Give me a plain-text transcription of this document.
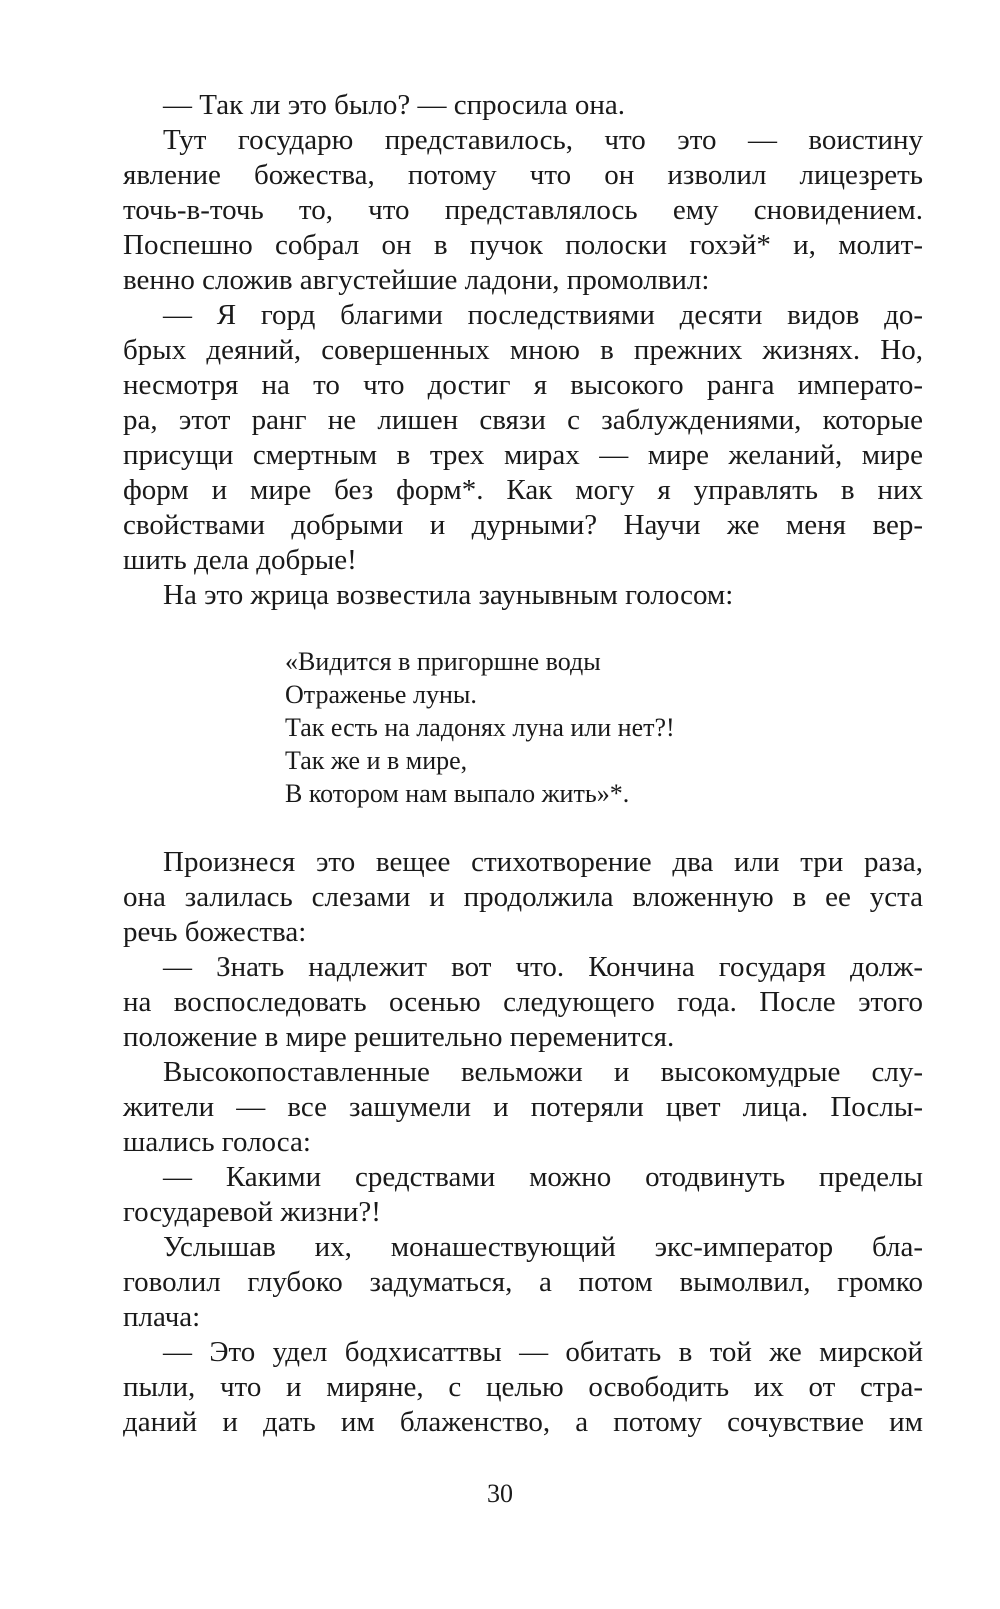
— Так ли это было? — спросила она.
Тут государю представилось, что это — воистину
явление божества, потому что он изволил лицезреть
точь-в-точь то, что представлялось ему сновидением.
Поспешно собрал он в пучок полоски гохэй* и, молит-
венно сложив августейшие ладони, промолвил:
— Я горд благими последствиями десяти видов до-
брых деяний, совершенных мною в прежних жизнях. Но,
несмотря на то что достиг я высокого ранга императо-
ра, этот ранг не лишен связи с заблуждениями, которые
присущи смертным в трех мирах — мире желаний, мире
форм и мире без форм*. Как могу я управлять в них
свойствами добрыми и дурными? Научи же меня вер-
шить дела добрые!
На это жрица возвестила заунывным голосом:
«Видится в пригоршне воды
Отраженье луны.
Так есть на ладонях луна или нет?!
Так же и в мире,
В котором нам выпало жить»*.
Произнеся это вещее стихотворение два или три раза,
она залилась слезами и продолжила вложенную в ее уста
речь божества:
— Знать надлежит вот что. Кончина государя долж-
на воспоследовать осенью следующего года. После этого
положение в мире решительно переменится.
Высокопоставленные вельможи и высокомудрые слу-
жители — все зашумели и потеряли цвет лица. Послы-
шались голоса:
— Какими средствами можно отодвинуть пределы
государевой жизни?!
Услышав их, монашествующий экс-император бла-
говолил глубоко задуматься, а потом вымолвил, громко
плача:
— Это удел бодхисаттвы — обитать в той же мирской
пыли, что и миряне, с целью освободить их от стра-
даний и дать им блаженство, а потому сочувствие им
30
